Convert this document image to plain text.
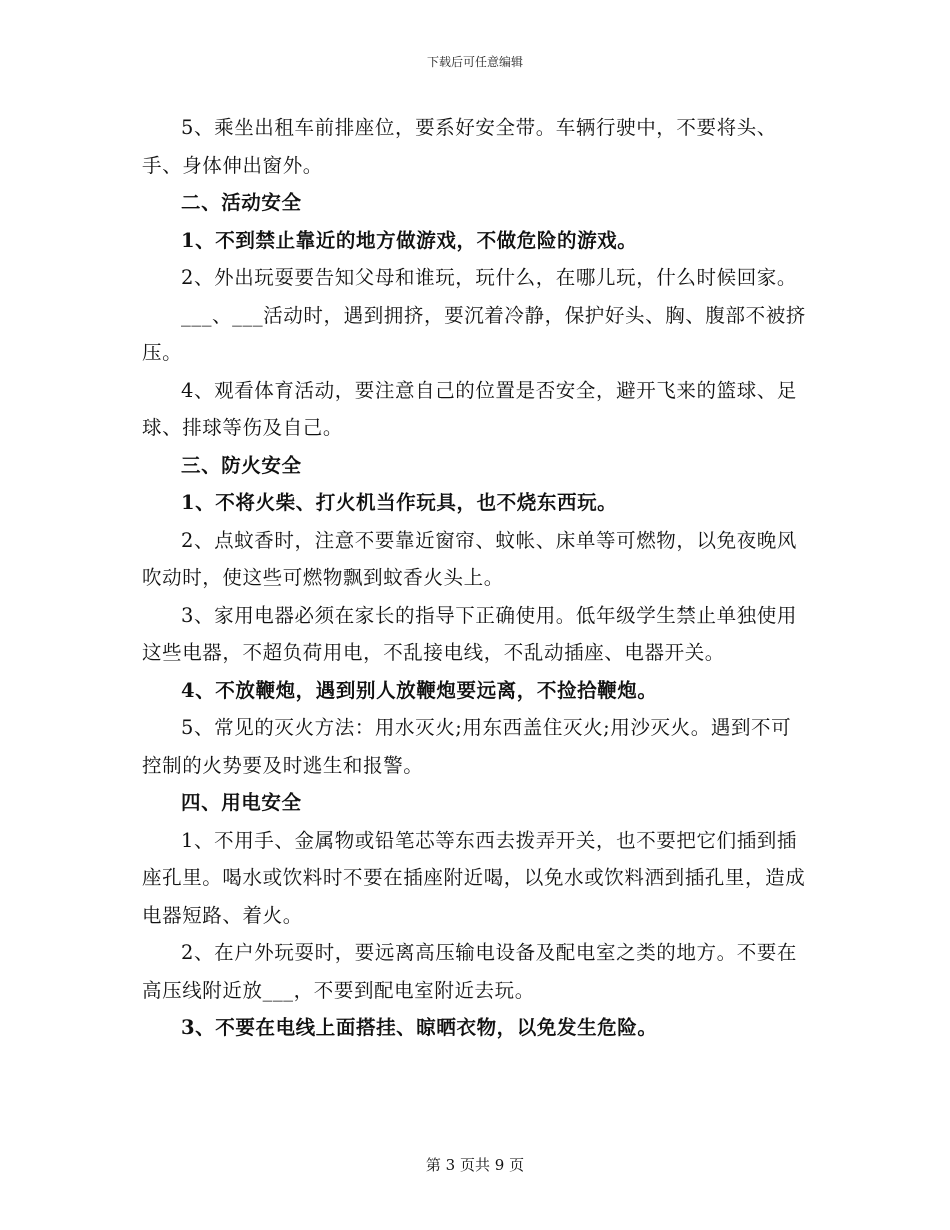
下载后可任意编辑

5、乘坐出租车前排座位，要系好安全带。车辆行驶中，不要将头、手、身体伸出窗外。

二、活动安全

1、不到禁止靠近的地方做游戏，不做危险的游戏。

2、外出玩耍要告知父母和谁玩，玩什么，在哪儿玩，什么时候回家。

___、___活动时，遇到拥挤，要沉着冷静，保护好头、胸、腹部不被挤压。

4、观看体育活动，要注意自己的位置是否安全，避开飞来的篮球、足球、排球等伤及自己。

三、防火安全

1、不将火柴、打火机当作玩具，也不烧东西玩。

2、点蚊香时，注意不要靠近窗帘、蚊帐、床单等可燃物，以免夜晚风吹动时，使这些可燃物飘到蚊香火头上。

3、家用电器必须在家长的指导下正确使用。低年级学生禁止单独使用这些电器，不超负荷用电，不乱接电线，不乱动插座、电器开关。

4、不放鞭炮，遇到别人放鞭炮要远离，不捡拾鞭炮。

5、常见的灭火方法：用水灭火;用东西盖住灭火;用沙灭火。遇到不可控制的火势要及时逃生和报警。

四、用电安全

1、不用手、金属物或铅笔芯等东西去拨弄开关，也不要把它们插到插座孔里。喝水或饮料时不要在插座附近喝，以免水或饮料洒到插孔里，造成电器短路、着火。

2、在户外玩耍时，要远离高压输电设备及配电室之类的地方。不要在高压线附近放___，不要到配电室附近去玩。

3、不要在电线上面搭挂、晾晒衣物，以免发生危险。

第 3 页共 9 页
